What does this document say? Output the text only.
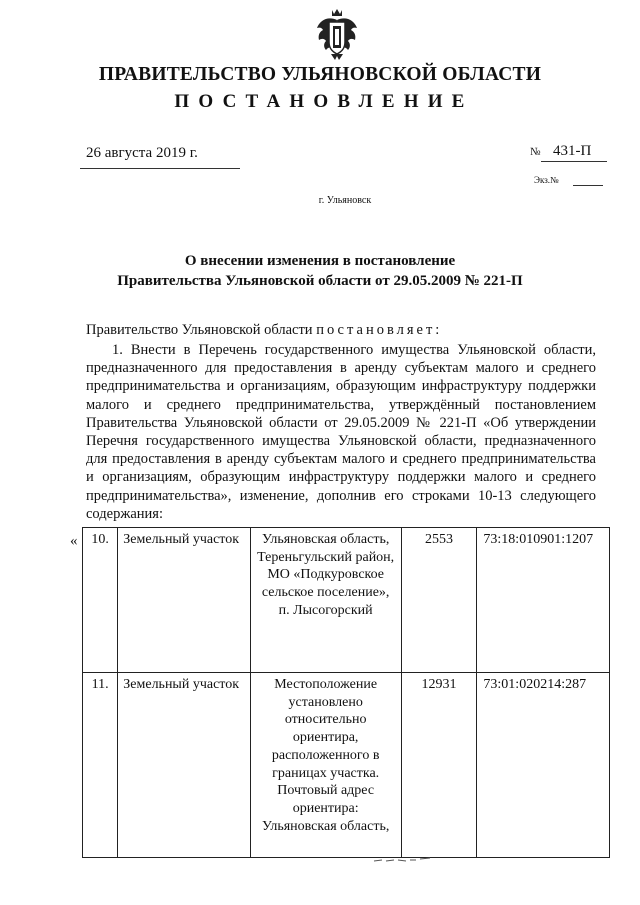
ПРАВИТЕЛЬСТВО УЛЬЯНОВСКОЙ ОБЛАСТИ
ПОСТАНОВЛЕНИЕ
26 августа 2019 г.	№ 431-П
Экз.№
г. Ульяновск
О внесении изменения в постановление
Правительства Ульяновской области от 29.05.2009 № 221-П
Правительство Ульяновской области постановляет:
1. Внести в Перечень государственного имущества Ульяновской области, предназначенного для предоставления в аренду субъектам малого и среднего предпринимательства и организациям, образующим инфраструктуру поддержки малого и среднего предпринимательства, утверждённый постановлением Правительства Ульяновской области от 29.05.2009 № 221-П «Об утверждении Перечня государственного имущества Ульяновской области, предназначенного для предоставления в аренду субъектам малого и среднего предпринимательства и организациям, образующим инфраструктуру поддержки малого и среднего предпринимательства», изменение, дополнив его строками 10-13 следующего содержания:
« 10.	Земельный участок	Ульяновская область, Тереньгульский район, МО «Подкуровское сельское поселение», п. Лысогорский	2553	73:18:010901:1207
11.	Земельный участок	Местоположение установлено относительно ориентира, расположенного в границах участка. Почтовый адрес ориентира: Ульяновская область,	12931	73:01:020214:287
